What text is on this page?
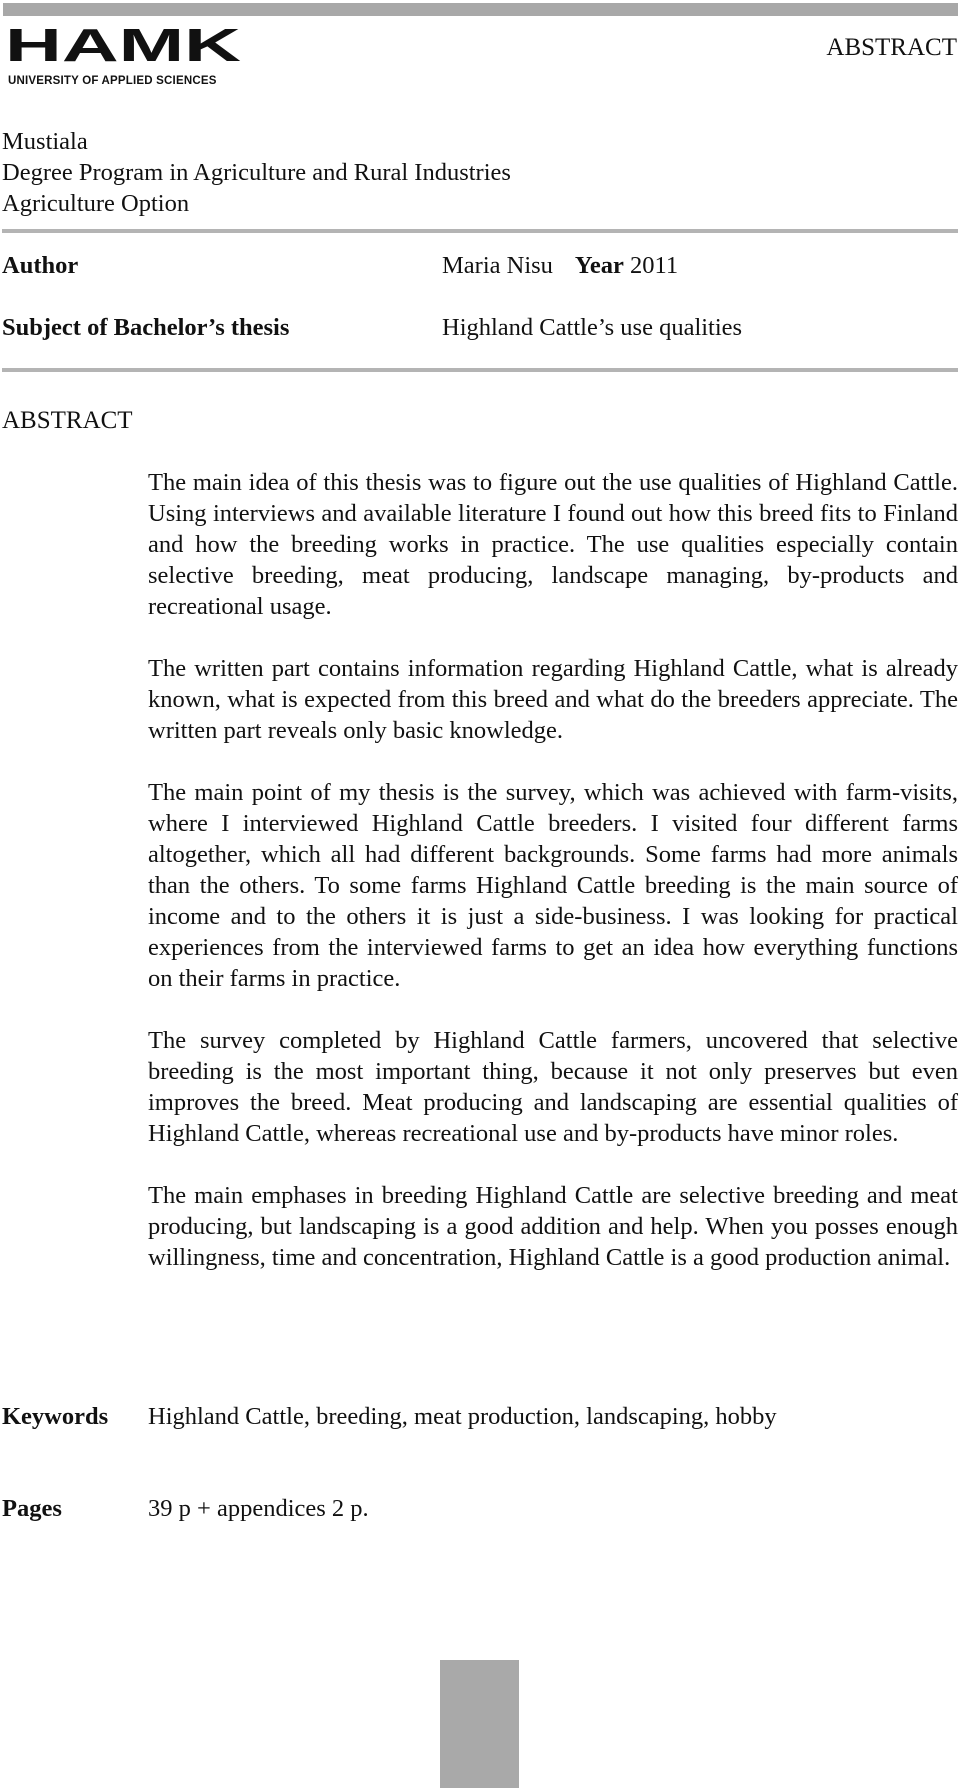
HAMK
UNIVERSITY OF APPLIED SCIENCES
ABSTRACT
Mustiala
Degree Program in Agriculture and Rural Industries
Agriculture Option
Author	Maria Nisu Year 2011
Subject of Bachelor’s thesis	Highland Cattle’s use qualities
ABSTRACT

The main idea of this thesis was to figure out the use qualities of Highland Cattle. Using interviews and available literature I found out how this breed fits to Finland and how the breeding works in practice. The use qualities especially contain selective breeding, meat producing, landscape managing, by-products and recreational usage.

The written part contains information regarding Highland Cattle, what is already known, what is expected from this breed and what do the breeders appreciate. The written part reveals only basic knowledge.

The main point of my thesis is the survey, which was achieved with farm-visits, where I interviewed Highland Cattle breeders. I visited four different farms altogether, which all had different backgrounds. Some farms had more animals than the others. To some farms Highland Cattle breeding is the main source of income and to the others it is just a side-business. I was looking for practical experiences from the interviewed farms to get an idea how everything functions on their farms in practice.

The survey completed by Highland Cattle farmers, uncovered that selective breeding is the most important thing, because it not only preserves but even improves the breed. Meat producing and landscaping are essential qualities of Highland Cattle, whereas recreational use and by-products have minor roles.

The main emphases in breeding Highland Cattle are selective breeding and meat producing, but landscaping is a good addition and help. When you posses enough willingness, time and concentration, Highland Cattle is a good production animal.

Keywords Highland Cattle, breeding, meat production, landscaping, hobby
Pages	39 p + appendices 2 p.
